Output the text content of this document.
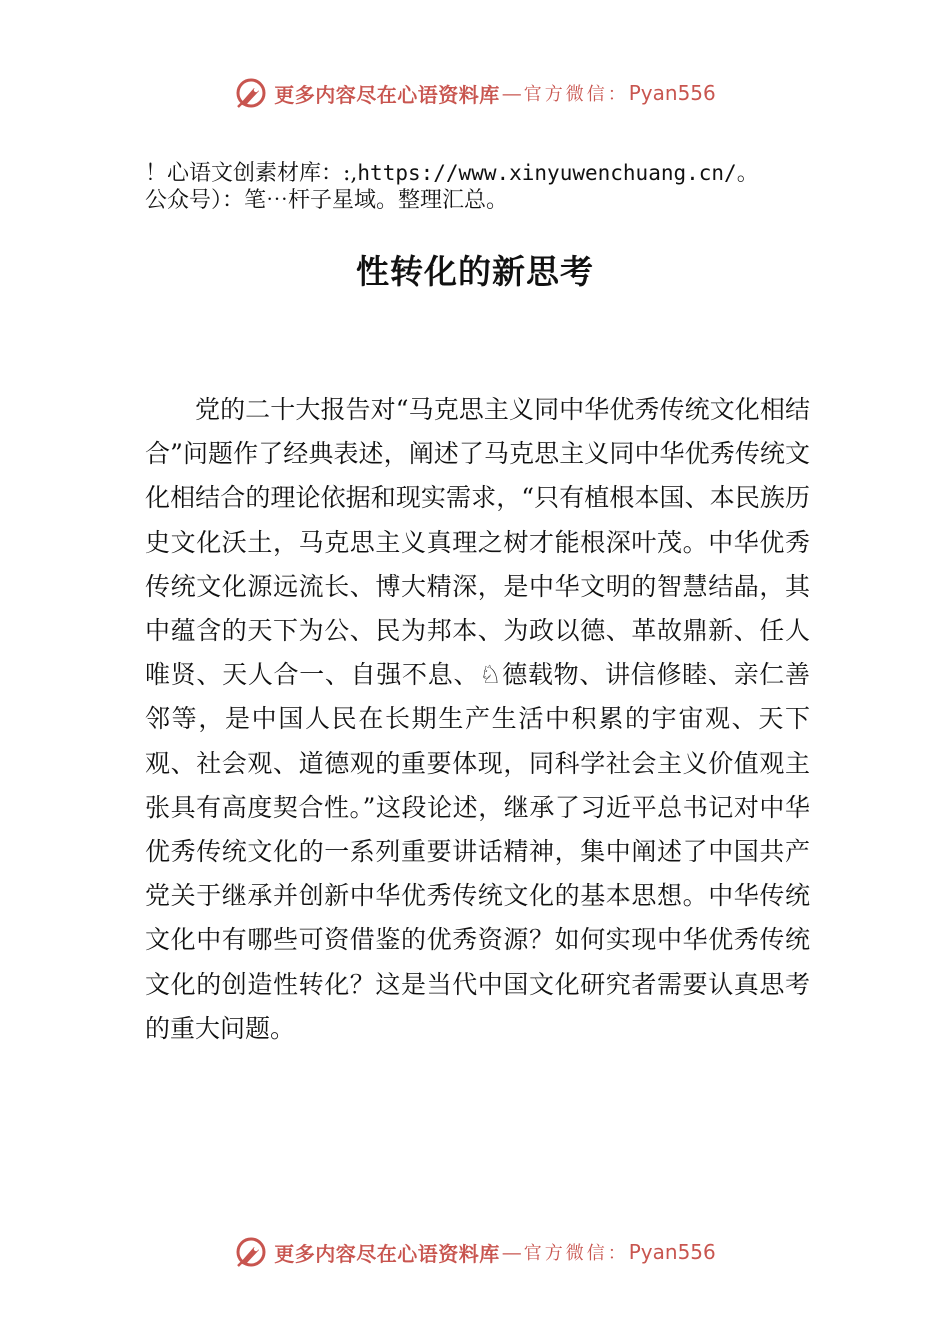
更多内容尽在心语资料库 — 官方微信： Pyan556
！心语文创素材库：:,https://www.xinyuwenchuang.cn/。
公众号）：笔⋯杆子星域。整理汇总。
性转化的新思考

党的二十大报告对“马克思主义同中华优秀传统文化相结合”问题作了经典表述，阐述了马克思主义同中华优秀传统文化相结合的理论依据和现实需求，“只有植根本国、本民族历史文化沃土，马克思主义真理之树才能根深叶茂。中华优秀传统文化源远流长、博大精深，是中华文明的智慧结晶，其中蕴含的天下为公、民为邦本、为政以德、革故鼎新、任人唯贤、天人合一、自强不息、♘德载物、讲信修睦、亲仁善邻等，是中国人民在长期生产生活中积累的宇宙观、天下观、社会观、道德观的重要体现，同科学社会主义价值观主张具有高度契合性。”这段论述，继承了习近平总书记对中华优秀传统文化的一系列重要讲话精神，集中阐述了中国共产党关于继承并创新中华优秀传统文化的基本思想。中华传统文化中有哪些可资借鉴的优秀资源？如何实现中华优秀传统文化的创造性转化？这是当代中国文化研究者需要认真思考的重大问题。

更多内容尽在心语资料库 — 官方微信： Pyan556
